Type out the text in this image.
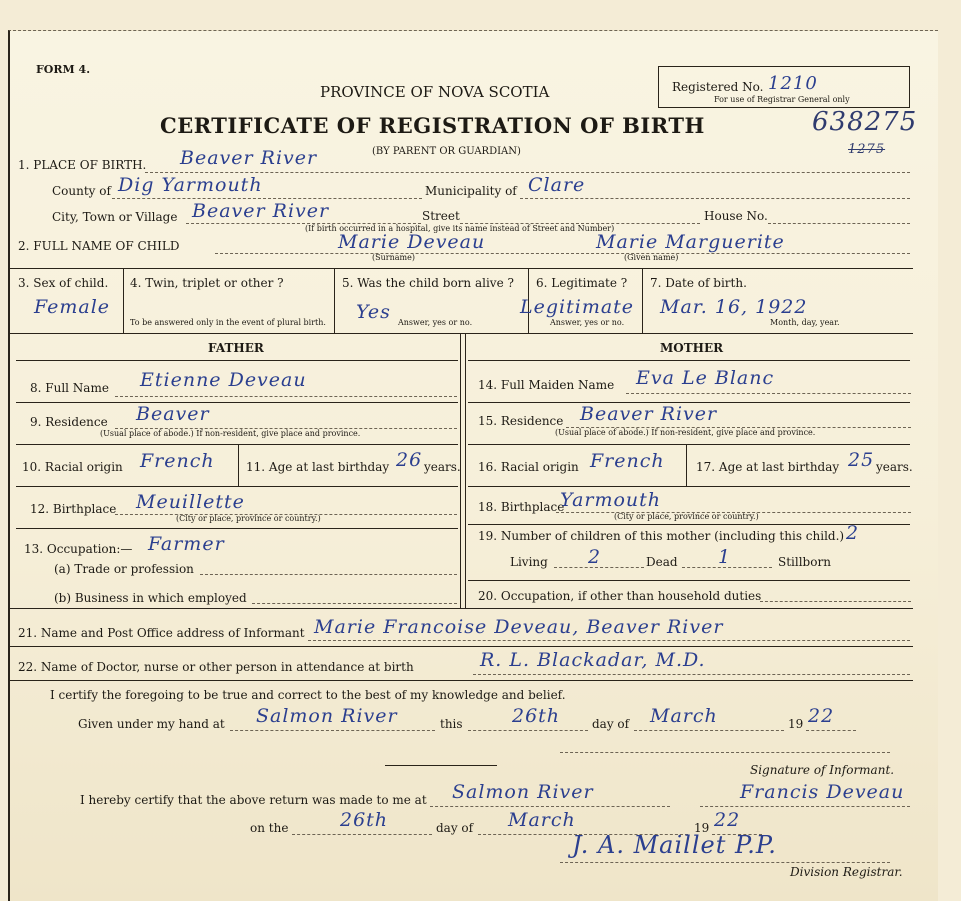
FORM 4.
PROVINCE OF NOVA SCOTIA
CERTIFICATE OF REGISTRATION OF BIRTH
(BY PARENT OR GUARDIAN)
Registered No. 1210
For use of Registrar General only
638275
1275
1. PLACE OF BIRTH. Beaver River
County of Dig Yarmouth	Municipality of Clare
City, Town or Village Beaver River	Street	House No.
(If birth occurred in a hospital, give its name instead of Street and Number)
2. FULL NAME OF CHILD	Marie Deveau	Marie Marguerite
(Surname)	(Given name)
3. Sex of child.
Female
4. Twin, triplet or other ?
To be answered only in the event of plural birth.
5. Was the child born alive ?
Yes Answer, yes or no.
6. Legitimate ?
Legitimate
Answer, yes or no.
7. Date of birth.
Mar. 16, 1922
Month, day, year.
FATHER	MOTHER
8. Full Name Etienne Deveau
9. Residence Beaver
(Usual place of abode.) If non-resident, give place and province.
10. Racial origin French	11. Age at last birthday 26 years.
12. Birthplace Meuillette
(City or place, province or country.)
13. Occupation:— Farmer
(a) Trade or profession
(b) Business in which employed
14. Full Maiden Name Eva Le Blanc
15. Residence Beaver River
(Usual place of abode.) If non-resident, give place and province.
16. Racial origin French	17. Age at last birthday 25 years.
18. Birthplace
Yarmouth
(City or place, province or country.)
19. Number of children of this mother (including this child.) 2
Living 2	Dead 1	Stillborn
20. Occupation, if other than household duties
21. Name and Post Office address of Informant Marie Francoise Deveau, Beaver River
22. Name of Doctor, nurse or other person in attendance at birth	R. L. Blackadar, M.D.
I certify the foregoing to be true and correct to the best of my knowledge and belief.
Given under my hand at Salmon River	this	26th	day of March	19 22
Signature of Informant.
I hereby certify that the above return was made to me at Salmon River	Francis Deveau
on the	26th	day of March	19 22
J. A. Maillet P.P.
Division Registrar.
